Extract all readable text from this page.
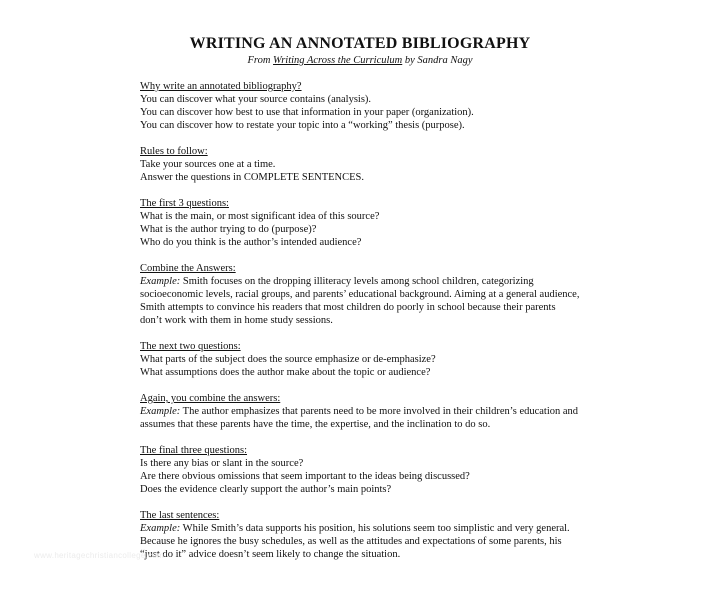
WRITING AN ANNOTATED BIBLIOGRAPHY
From Writing Across the Curriculum by Sandra Nagy
Why write an annotated bibliography?
You can discover what your source contains (analysis).
You can discover how best to use that information in your paper (organization).
You can discover how to restate your topic into a “working” thesis (purpose).
Rules to follow:
Take your sources one at a time.
Answer the questions in COMPLETE SENTENCES.
The first 3 questions:
What is the main, or most significant idea of this source?
What is the author trying to do (purpose)?
Who do you think is the author’s intended audience?
Combine the Answers:
Example: Smith focuses on the dropping illiteracy levels among school children, categorizing socioeconomic levels, racial groups, and parents’ educational background. Aiming at a general audience, Smith attempts to convince his readers that most children do poorly in school because their parents don’t work with them in home study sessions.
The next two questions:
What parts of the subject does the source emphasize or de-emphasize?
What assumptions does the author make about the topic or audience?
Again, you combine the answers:
Example: The author emphasizes that parents need to be more involved in their children’s education and assumes that these parents have the time, the expertise, and the inclination to do so.
The final three questions:
Is there any bias or slant in the source?
Are there obvious omissions that seem important to the ideas being discussed?
Does the evidence clearly support the author’s main points?
The last sentences:
Example: While Smith’s data supports his position, his solutions seem too simplistic and very general. Because he ignores the busy schedules, as well as the attitudes and expectations of some parents, his “just do it” advice doesn’t seem likely to change the situation.
www.heritagechristiancollege.com
